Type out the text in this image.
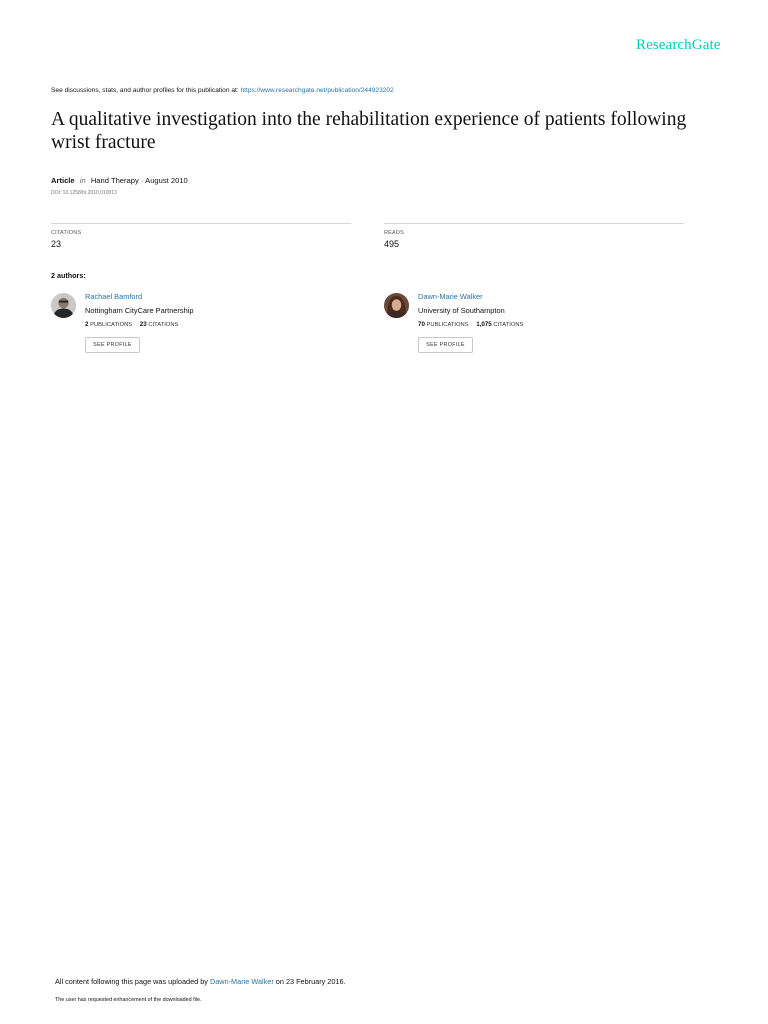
ResearchGate
See discussions, stats, and author profiles for this publication at: https://www.researchgate.net/publication/244923202
A qualitative investigation into the rehabilitation experience of patients following wrist fracture
Article in Hand Therapy · August 2010
DOI: 10.1258/ht.2010.010013
CITATIONS
23
READS
495
2 authors:
Rachael Bamford
Nottingham CityCare Partnership
2 PUBLICATIONS 23 CITATIONS
SEE PROFILE
Dawn-Marie Walker
University of Southampton
70 PUBLICATIONS 1,075 CITATIONS
SEE PROFILE
All content following this page was uploaded by Dawn-Marie Walker on 23 February 2016.
The user has requested enhancement of the downloaded file.
